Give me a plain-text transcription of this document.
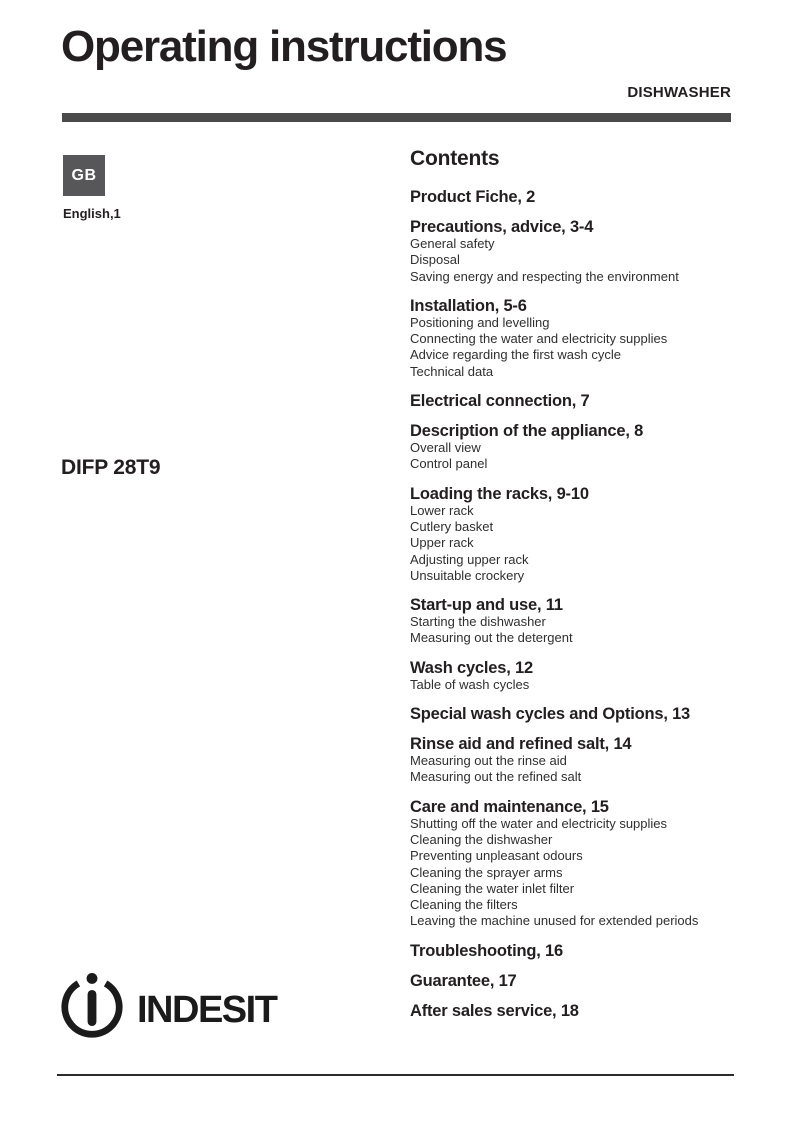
Operating instructions
DISHWASHER
GB
English,1
DIFP 28T9
Contents
Product Fiche, 2
Precautions, advice, 3-4
General safety
Disposal
Saving energy and respecting the environment
Installation, 5-6
Positioning and levelling
Connecting the water and electricity supplies
Advice regarding the first wash cycle
Technical data
Electrical connection, 7
Description of the appliance, 8
Overall view
Control panel
Loading the racks, 9-10
Lower rack
Cutlery basket
Upper rack
Adjusting upper rack
Unsuitable crockery
Start-up and use, 11
Starting the dishwasher
Measuring out the detergent
Wash cycles, 12
Table of wash cycles
Special wash cycles and Options, 13
Rinse aid and refined salt, 14
Measuring out the rinse aid
Measuring out the refined salt
Care and maintenance, 15
Shutting off the water and electricity supplies
Cleaning the dishwasher
Preventing unpleasant odours
Cleaning the sprayer arms
Cleaning the water inlet filter
Cleaning the filters
Leaving the machine unused for extended periods
Troubleshooting, 16
Guarantee, 17
After sales service, 18
INDESIT
